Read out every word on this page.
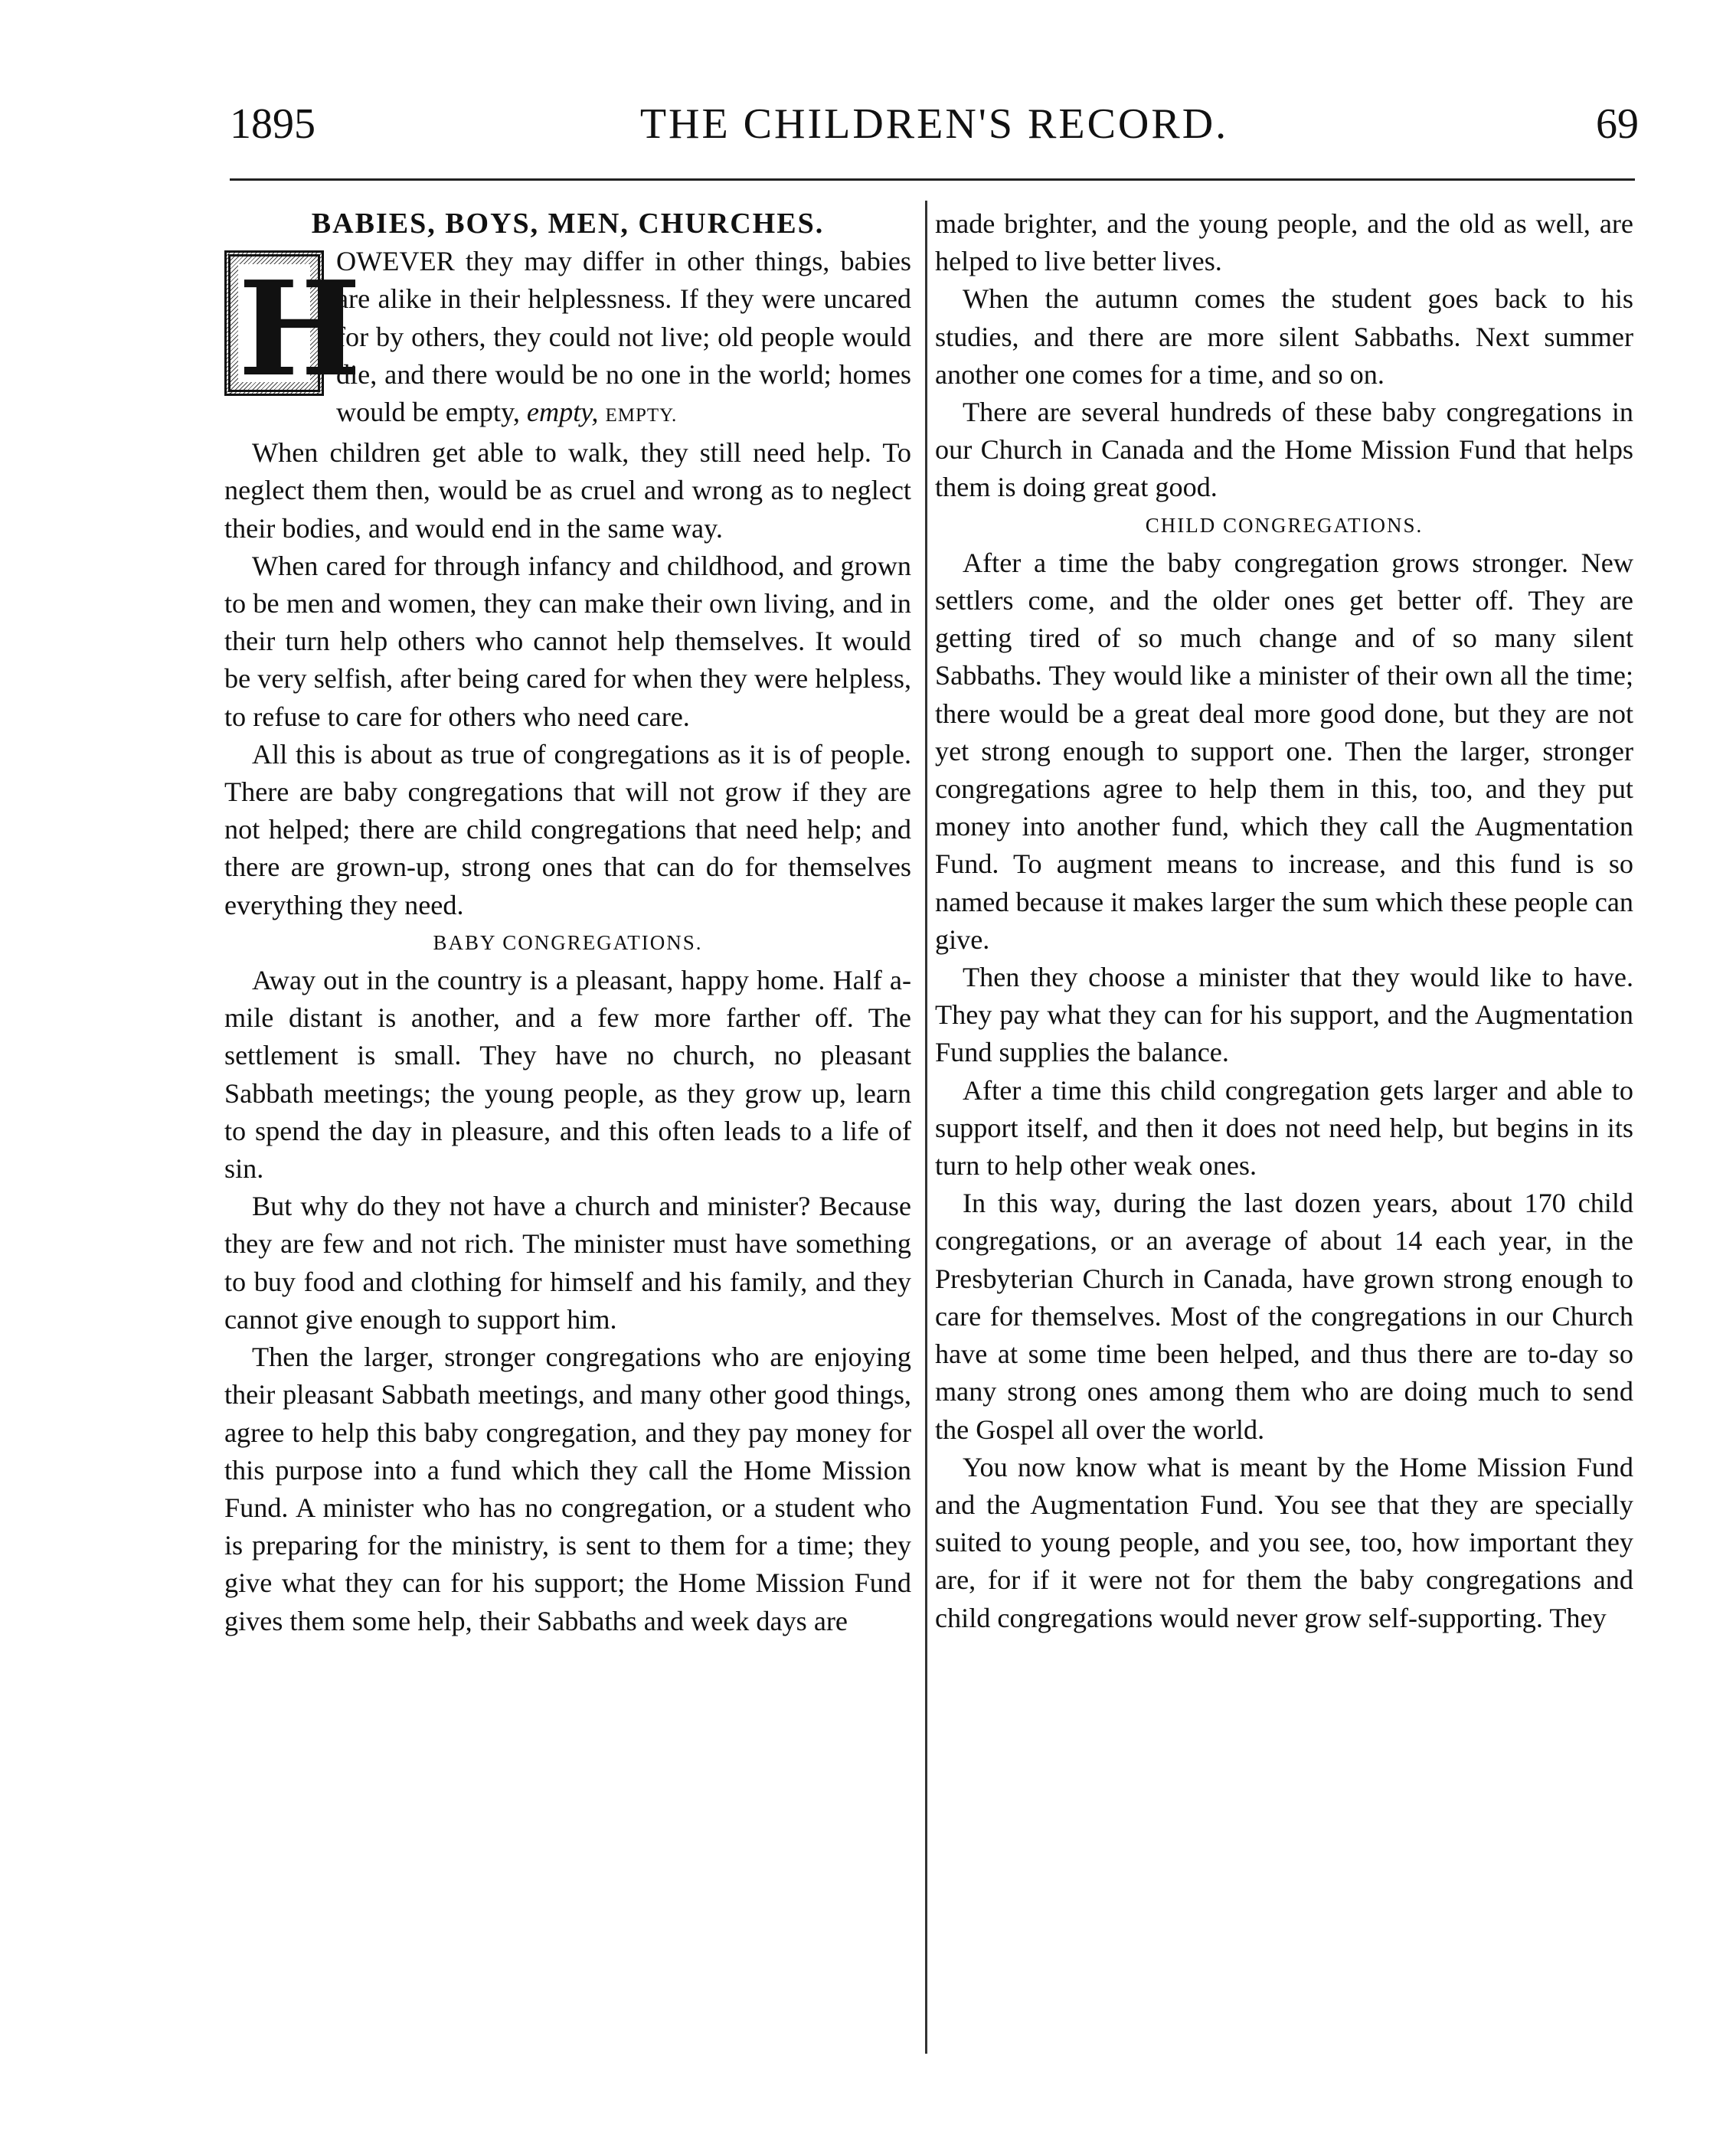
1895	THE CHILDREN'S RECORD.	69
BABIES, BOYS, MEN, CHURCHES.

H
OWEVER they may differ in other things, babies are alike in their helplessness. If they were uncared for by others, they could not live; old people would die, and there would be no one in the world; homes would be empty, empty, EMPTY.

When children get able to walk, they still need help. To neglect them then, would be as cruel and wrong as to neglect their bodies, and would end in the same way.

When cared for through infancy and childhood, and grown to be men and women, they can make their own living, and in their turn help others who cannot help themselves. It would be very selfish, after being cared for when they were helpless, to refuse to care for others who need care.

All this is about as true of congregations as it is of people. There are baby congregations that will not grow if they are not helped; there are child congregations that need help; and there are grown-up, strong ones that can do for themselves everything they need.

BABY CONGREGATIONS.

Away out in the country is a pleasant, happy home. Half a-mile distant is another, and a few more farther off. The settlement is small. They have no church, no pleasant Sabbath meetings; the young people, as they grow up, learn to spend the day in pleasure, and this often leads to a life of sin.

But why do they not have a church and minister? Because they are few and not rich. The minister must have something to buy food and clothing for himself and his family, and they cannot give enough to support him.

Then the larger, stronger congregations who are enjoying their pleasant Sabbath meetings, and many other good things, agree to help this baby congregation, and they pay money for this purpose into a fund which they call the Home Mission Fund. A minister who has no congregation, or a student who is preparing for the ministry, is sent to them for a time; they give what they can for his support; the Home Mission Fund gives them some help, their Sabbaths and week days are

made brighter, and the young people, and the old as well, are helped to live better lives.

When the autumn comes the student goes back to his studies, and there are more silent Sabbaths. Next summer another one comes for a time, and so on.

There are several hundreds of these baby congregations in our Church in Canada and the Home Mission Fund that helps them is doing great good.

CHILD CONGREGATIONS.

After a time the baby congregation grows stronger. New settlers come, and the older ones get better off. They are getting tired of so much change and of so many silent Sabbaths. They would like a minister of their own all the time; there would be a great deal more good done, but they are not yet strong enough to support one. Then the larger, stronger congregations agree to help them in this, too, and they put money into another fund, which they call the Augmentation Fund. To augment means to increase, and this fund is so named because it makes larger the sum which these people can give.

Then they choose a minister that they would like to have. They pay what they can for his support, and the Augmentation Fund supplies the balance.

After a time this child congregation gets larger and able to support itself, and then it does not need help, but begins in its turn to help other weak ones.

In this way, during the last dozen years, about 170 child congregations, or an average of about 14 each year, in the Presbyterian Church in Canada, have grown strong enough to care for themselves. Most of the congregations in our Church have at some time been helped, and thus there are to-day so many strong ones among them who are doing much to send the Gospel all over the world.

You now know what is meant by the Home Mission Fund and the Augmentation Fund. You see that they are specially suited to young people, and you see, too, how important they are, for if it were not for them the baby congregations and child congregations would never grow self-supporting. They
